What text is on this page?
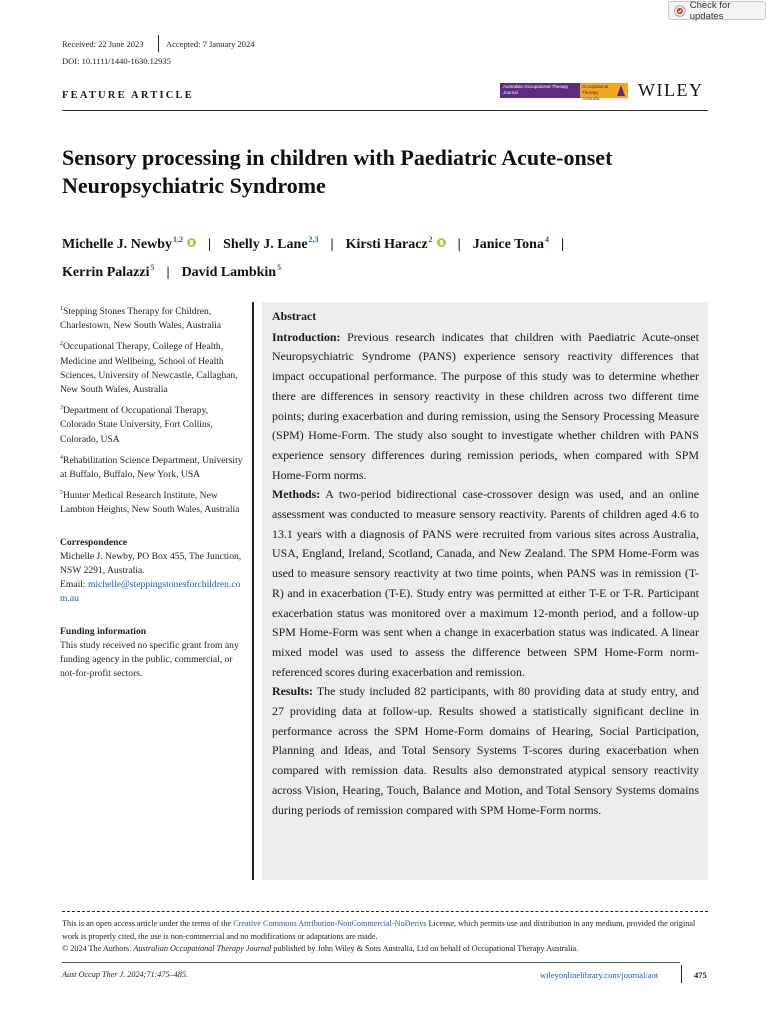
Check for updates
Received: 22 June 2023	Accepted: 7 January 2024
DOI: 10.1111/1440-1630.12935
FEATURE ARTICLE
Australian Occupational Therapy Journal
Occupational Therapy Australia	WILEY
Sensory processing in children with Paediatric Acute-onset Neuropsychiatric Syndrome
Michelle J. Newby$^{1,2}$ | Shelly J. Lane$^{2,3}$ | Kirsti Haracz$^2$ | Janice Tona$^4$ |
Kerrin Palazzi$^5$ | David Lambkin$^5$
$^1$Stepping Stones Therapy for Children, Charlestown, New South Wales, Australia
$^2$Occupational Therapy, College of Health, Medicine and Wellbeing, School of Health Sciences, University of Newcastle, Callaghan, New South Wales, Australia
$^3$Department of Occupational Therapy, Colorado State University, Fort Collins, Colorado, USA
$^4$Rehabilitation Science Department, University at Buffalo, Buffalo, New York, USA
$^5$Hunter Medical Research Institute, New Lambton Heights, New South Wales, Australia
Correspondence
Michelle J. Newby, PO Box 455, The Junction, NSW 2291, Australia.
Email: michelle@steppingstonesforchildren.com.au
Funding information
This study received no specific grant from any funding agency in the public, commercial, or not-for-profit sectors.
Abstract

Introduction: Previous research indicates that children with Paediatric Acute-onset Neuropsychiatric Syndrome (PANS) experience sensory reactivity differences that impact occupational performance. The purpose of this study was to determine whether there are differences in sensory reactivity in these children across two different time points; during exacerbation and during remission, using the Sensory Processing Measure (SPM) Home-Form. The study also sought to investigate whether children with PANS experience sensory differences during remission periods, when compared with SPM Home-Form norms.

Methods: A two-period bidirectional case-crossover design was used, and an online assessment was conducted to measure sensory reactivity. Parents of children aged 4.6 to 13.1 years with a diagnosis of PANS were recruited from various sites across Australia, USA, England, Ireland, Scotland, Canada, and New Zealand. The SPM Home-Form was used to measure sensory reactivity at two time points, when PANS was in remission (T-R) and in exacerbation (T-E). Study entry was permitted at either T-E or T-R. Participant exacerbation status was monitored over a maximum 12-month period, and a follow-up SPM Home-Form was sent when a change in exacerbation status was indicated. A linear mixed model was used to assess the difference between SPM Home-Form norm-referenced scores during exacerbation and remission.

Results: The study included 82 participants, with 80 providing data at study entry, and 27 providing data at follow-up. Results showed a statistically significant decline in performance across the SPM Home-Form domains of Hearing, Social Participation, Planning and Ideas, and Total Sensory Systems T-scores during exacerbation when compared with remission data. Results also demonstrated atypical sensory reactivity across Vision, Hearing, Touch, Balance and Motion, and Total Sensory Systems domains during periods of remission compared with SPM Home-Form norms.

This is an open access article under the terms of the Creative Commons Attribution-NonCommercial-NoDerivs License, which permits use and distribution in any medium, provided the original work is properly cited, the use is non-commercial and no modifications or adaptations are made.
© 2024 The Authors. Australian Occupational Therapy Journal published by John Wiley & Sons Australia, Ltd on behalf of Occupational Therapy Australia.
Aust Occup Ther J. 2024;71:475–485.	wileyonlinelibrary.com/journal/aot	475
